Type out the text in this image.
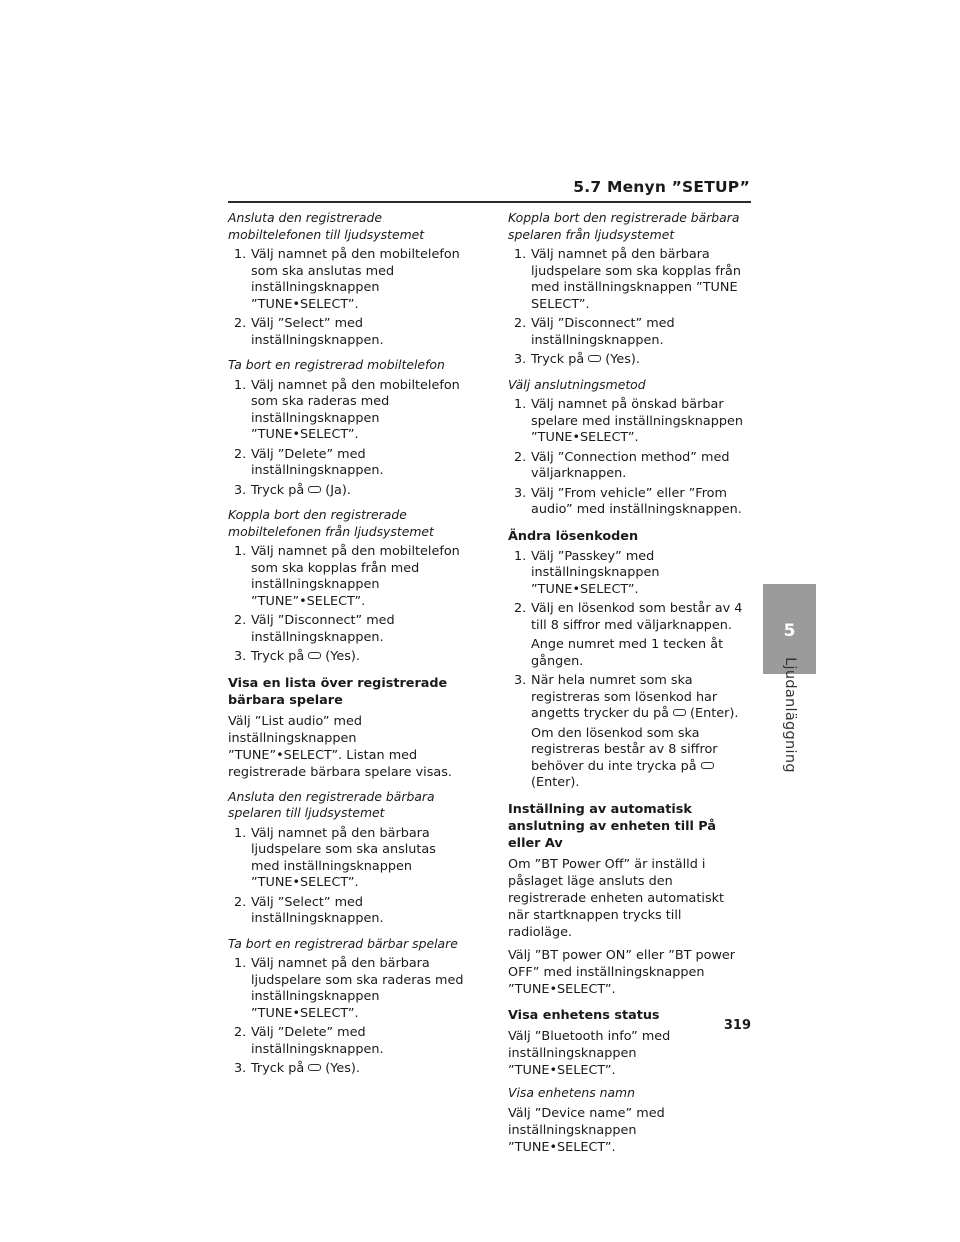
5.7 Menyn ”SETUP”
Ansluta den registrerade mobiltelefonen till ljudsystemet
1. Välj namnet på den mobiltelefon som ska anslutas med inställningsknappen ”TUNE•SELECT”.
2. Välj ”Select” med inställningsknappen.
Ta bort en registrerad mobiltelefon
1. Välj namnet på den mobiltelefon som ska raderas med inställningsknappen ”TUNE•SELECT”.
2. Välj ”Delete” med inställningsknappen.
3. Tryck på (Ja).
Koppla bort den registrerade mobiltelefonen från ljudsystemet
1. Välj namnet på den mobiltelefon som ska kopplas från med inställningsknappen ”TUNE”•SELECT”.
2. Välj ”Disconnect” med inställningsknappen.
3. Tryck på (Yes).
Visa en lista över registrerade bärbara spelare
Välj ”List audio” med inställningsknappen ”TUNE”•SELECT”. Listan med registrerade bärbara spelare visas.
Ansluta den registrerade bärbara spelaren till ljudsystemet
1. Välj namnet på den bärbara ljudspelare som ska anslutas med inställningsknappen ”TUNE•SELECT”.
2. Välj ”Select” med inställningsknappen.
Ta bort en registrerad bärbar spelare
1. Välj namnet på den bärbara ljudspelare som ska raderas med inställningsknappen ”TUNE•SELECT”.
2. Välj ”Delete” med inställningsknappen.
3. Tryck på (Yes).
Koppla bort den registrerade bärbara spelaren från ljudsystemet
1. Välj namnet på den bärbara ljudspelare som ska kopplas från med inställningsknappen ”TUNE SELECT”.
2. Välj ”Disconnect” med inställningsknappen.
3. Tryck på (Yes).
Välj anslutningsmetod
1. Välj namnet på önskad bärbar spelare med inställningsknappen ”TUNE•SELECT”.
2. Välj ”Connection method” med väljarknappen.
3. Välj ”From vehicle” eller ”From audio” med inställningsknappen.
Ändra lösenkoden
1. Välj ”Passkey” med inställningsknappen ”TUNE•SELECT”.
2. Välj en lösenkod som består av 4 till 8 siffror med väljarknappen.
Ange numret med 1 tecken åt gången.
3. När hela numret som ska registreras som lösenkod har angetts trycker du på (Enter).
Om den lösenkod som ska registreras består av 8 siffror behöver du inte trycka på(Enter).
Inställning av automatisk anslutning av enheten till På eller Av
Om ”BT Power Off” är inställd i påslaget läge ansluts den registrerade enheten automatiskt när startknappen trycks till radioläge.
Välj ”BT power ON” eller ”BT power OFF” med inställningsknappen ”TUNE•SELECT”.
Visa enhetens status
Välj ”Bluetooth info” med inställningsknappen ”TUNE•SELECT”.
Visa enhetens namn
Välj ”Device name” med inställningsknappen ”TUNE•SELECT”.
5
Ljudanläggning
319
